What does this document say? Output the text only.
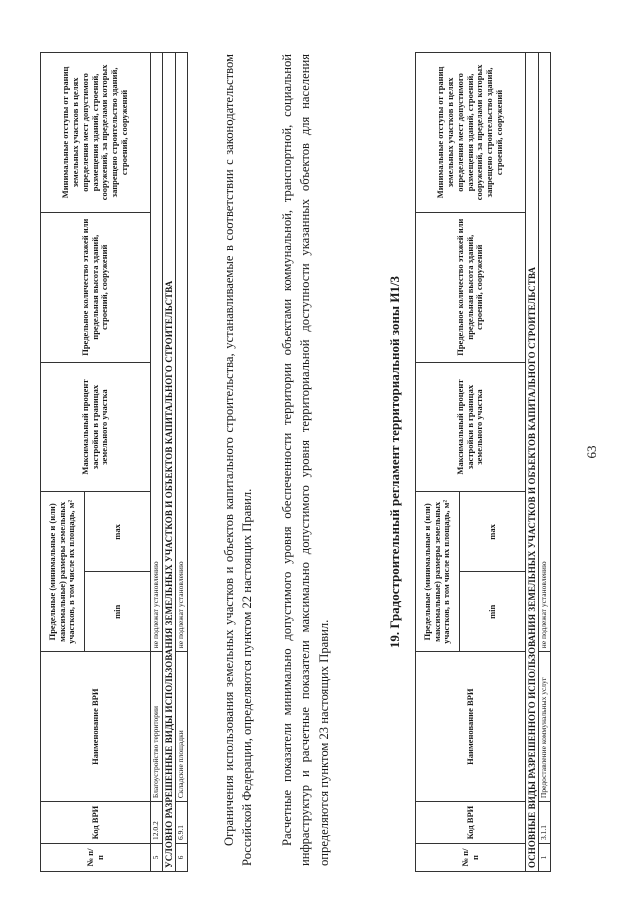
63
№ п/п	Код ВРИ	Наименование ВРИ	Предельные (минимальные и (или) максимальные) размеры земельных участков, в том числе их площадь, м²		Максимальный процент застройки в границах земельного участка	Предельное количество этажей или предельная высота зданий, строений, сооружений	Минимальные отступы от границ земельных участков в целях определения мест допустимого размещения зданий, строений, сооружений, за пределами которых запрещено строительство зданий, строений, сооружений
			min	max			
5	12.0.2	Благоустройство территории	не подлежат установлению				
УСЛОВНО РАЗРЕШЕННЫЕ ВИДЫ ИСПОЛЬЗОВАНИЯ ЗЕМЕЛЬНЫХ УЧАСТКОВ И ОБЪЕКТОВ КАПИТАЛЬНОГО СТРОИТЕЛЬСТВА							
6	6.9.1	Складские площадки	не подлежат установлению					Ограничения использования земельных участков и объектов капитального строительства, устанавливаемые в соответствии с законодательством Российской Федерации, определяются пунктом 22 настоящих Правил. Расчетные показатели минимально допустимого уровня обеспеченности территории объектами коммунальной, транспортной, социальной инфраструктур и расчетные показатели максимально допустимого уровня территориальной доступности указанных объектов для населения определяются пунктом 23 настоящих Правил.
19. Градостроительный регламент территориальной зоны И1/3
№ п/п	Код ВРИ	Наименование ВРИ	Предельные (минимальные и (или) максимальные) размеры земельных участков, в том числе их площадь, м²		Максимальный процент застройки в границах земельного участка	Предельное количество этажей или предельная высота зданий, строений, сооружений	Минимальные отступы от границ земельных участков в целях определения мест допустимого размещения зданий, строений, сооружений, за пределами которых запрещено строительство зданий, строений, сооружений
			min	max			
ОСНОВНЫЕ ВИДЫ РАЗРЕШЕННОГО ИСПОЛЬЗОВАНИЯ ЗЕМЕЛЬНЫХ УЧАСТКОВ И ОБЪЕКТОВ КАПИТАЛЬНОГО СТРОИТЕЛЬСТВА							
1	3.1.1	Предоставление коммунальных услуг	не подлежат установлению				
